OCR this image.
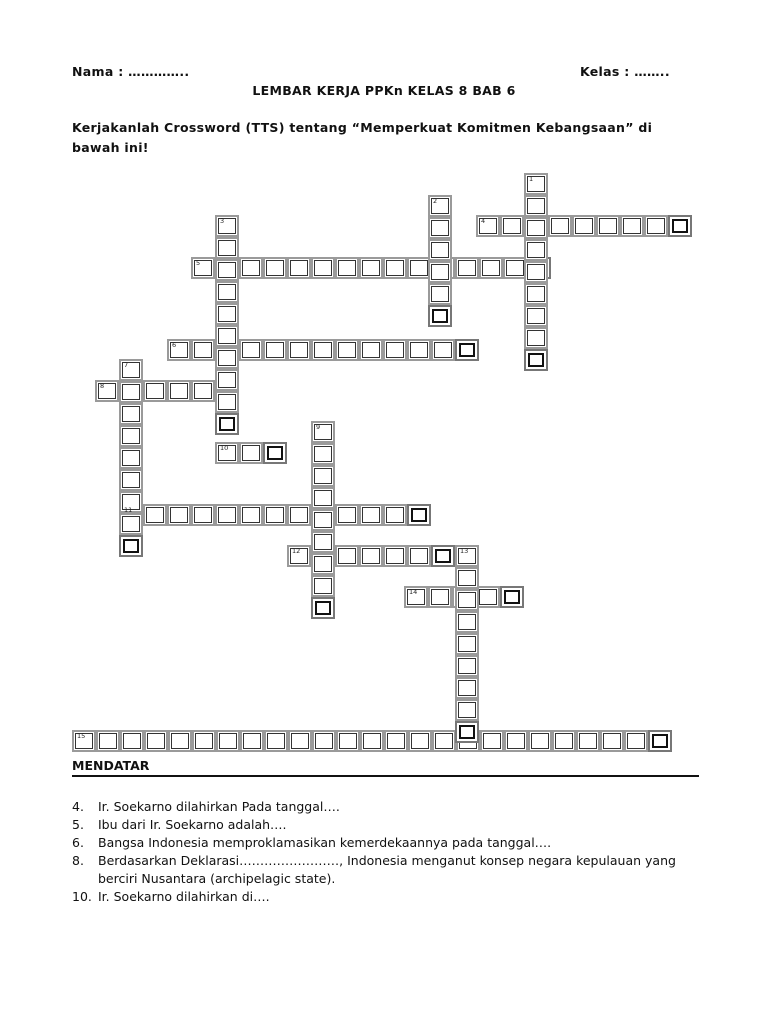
Nama : …………..	Kelas : ……..
LEMBAR KERJA PPKn KELAS 8 BAB 6
Kerjakanlah Crossword (TTS) tentang “Memperkuat Komitmen Kebangsaan” di bawah ini!
4
5
6
8
10
11
12
14
15
1
2
3
7
9
13
MENDATAR
4.	Ir. Soekarno dilahirkan Pada tanggal….
5.	Ibu dari Ir. Soekarno adalah….
6.	Bangsa Indonesia memproklamasikan kemerdekaannya pada tanggal….
8.	Berdasarkan Deklarasi……………………, Indonesia menganut konsep negara kepulauan yang berciri Nusantara (archipelagic state).
10. Ir. Soekarno dilahirkan di….
